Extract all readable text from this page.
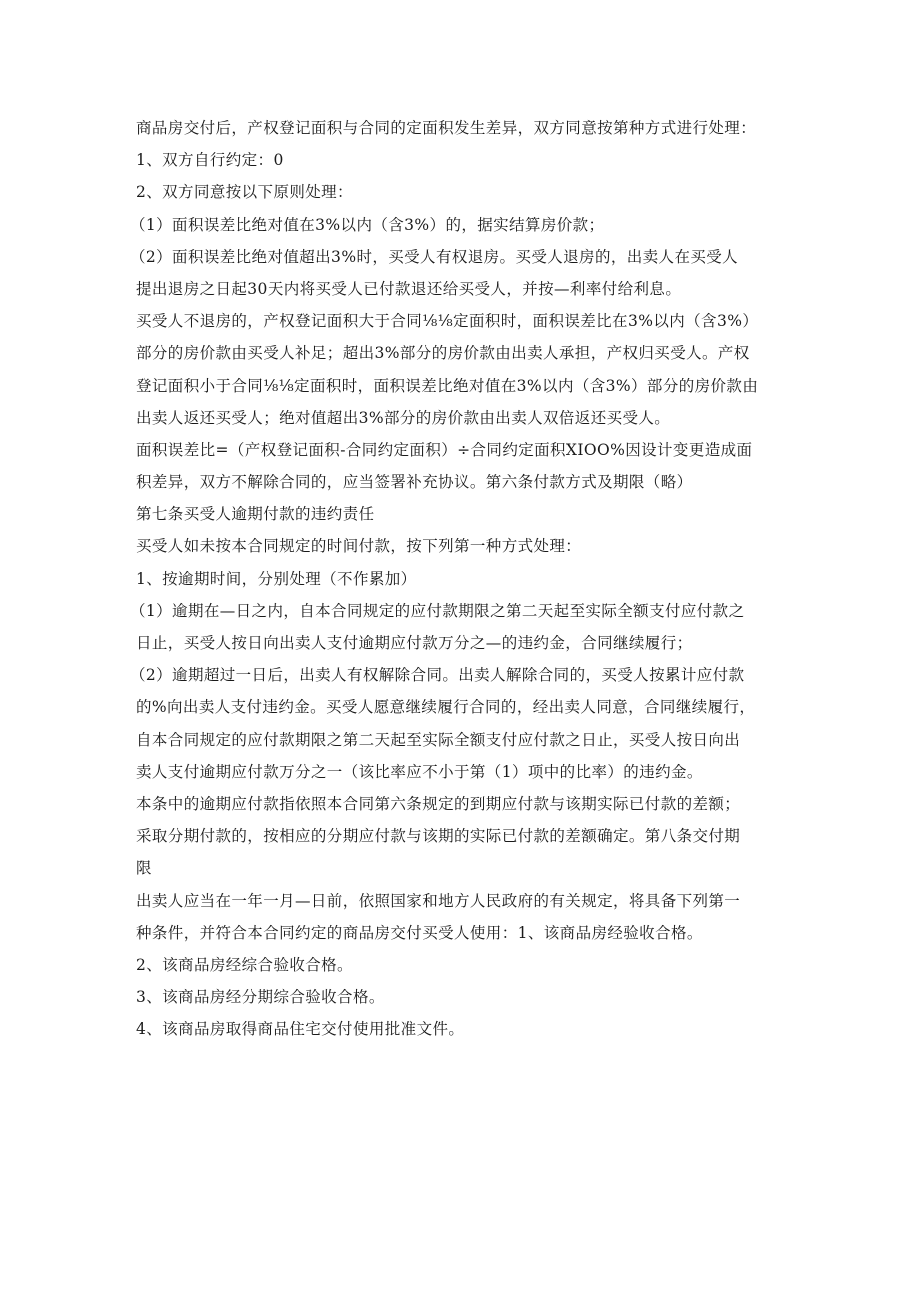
商品房交付后，产权登记面积与合同的定面积发生差异，双方同意按第种方式进行处理：
1、双方自行约定：0
2、双方同意按以下原则处理：
（1）面积误差比绝对值在3%以内（含3%）的，据实结算房价款；
（2）面积误差比绝对值超出3%时，买受人有权退房。买受人退房的，出卖人在买受人
提出退房之日起30天内将买受人已付款退还给买受人，并按—利率付给利息。
买受人不退房的，产权登记面积大于合同⅛⅛定面积时，面积误差比在3%以内（含3%）
部分的房价款由买受人补足；超出3%部分的房价款由出卖人承担，产权归买受人。产权
登记面积小于合同⅛⅛定面积时，面积误差比绝对值在3%以内（含3%）部分的房价款由
出卖人返还买受人；绝对值超出3%部分的房价款由出卖人双倍返还买受人。
面积误差比=（产权登记面积-合同约定面积）÷合同约定面积XIOO%因设计变更造成面
积差异，双方不解除合同的，应当签署补充协议。第六条付款方式及期限（略）
第七条买受人逾期付款的违约责任
买受人如未按本合同规定的时间付款，按下列第一种方式处理：
1、按逾期时间，分别处理（不作累加）
（1）逾期在—日之内，自本合同规定的应付款期限之第二天起至实际全额支付应付款之
日止，买受人按日向出卖人支付逾期应付款万分之—的违约金，合同继续履行；
（2）逾期超过一日后，出卖人有权解除合同。出卖人解除合同的，买受人按累计应付款
的%向出卖人支付违约金。买受人愿意继续履行合同的，经出卖人同意，合同继续履行，
自本合同规定的应付款期限之第二天起至实际全额支付应付款之日止，买受人按日向出
卖人支付逾期应付款万分之一（该比率应不小于第（1）项中的比率）的违约金。
本条中的逾期应付款指依照本合同第六条规定的到期应付款与该期实际已付款的差额；
采取分期付款的，按相应的分期应付款与该期的实际已付款的差额确定。第八条交付期
限
出卖人应当在一年一月—日前，依照国家和地方人民政府的有关规定，将具备下列第一
种条件，并符合本合同约定的商品房交付买受人使用：1、该商品房经验收合格。
2、该商品房经综合验收合格。
3、该商品房经分期综合验收合格。
4、该商品房取得商品住宅交付使用批准文件。
